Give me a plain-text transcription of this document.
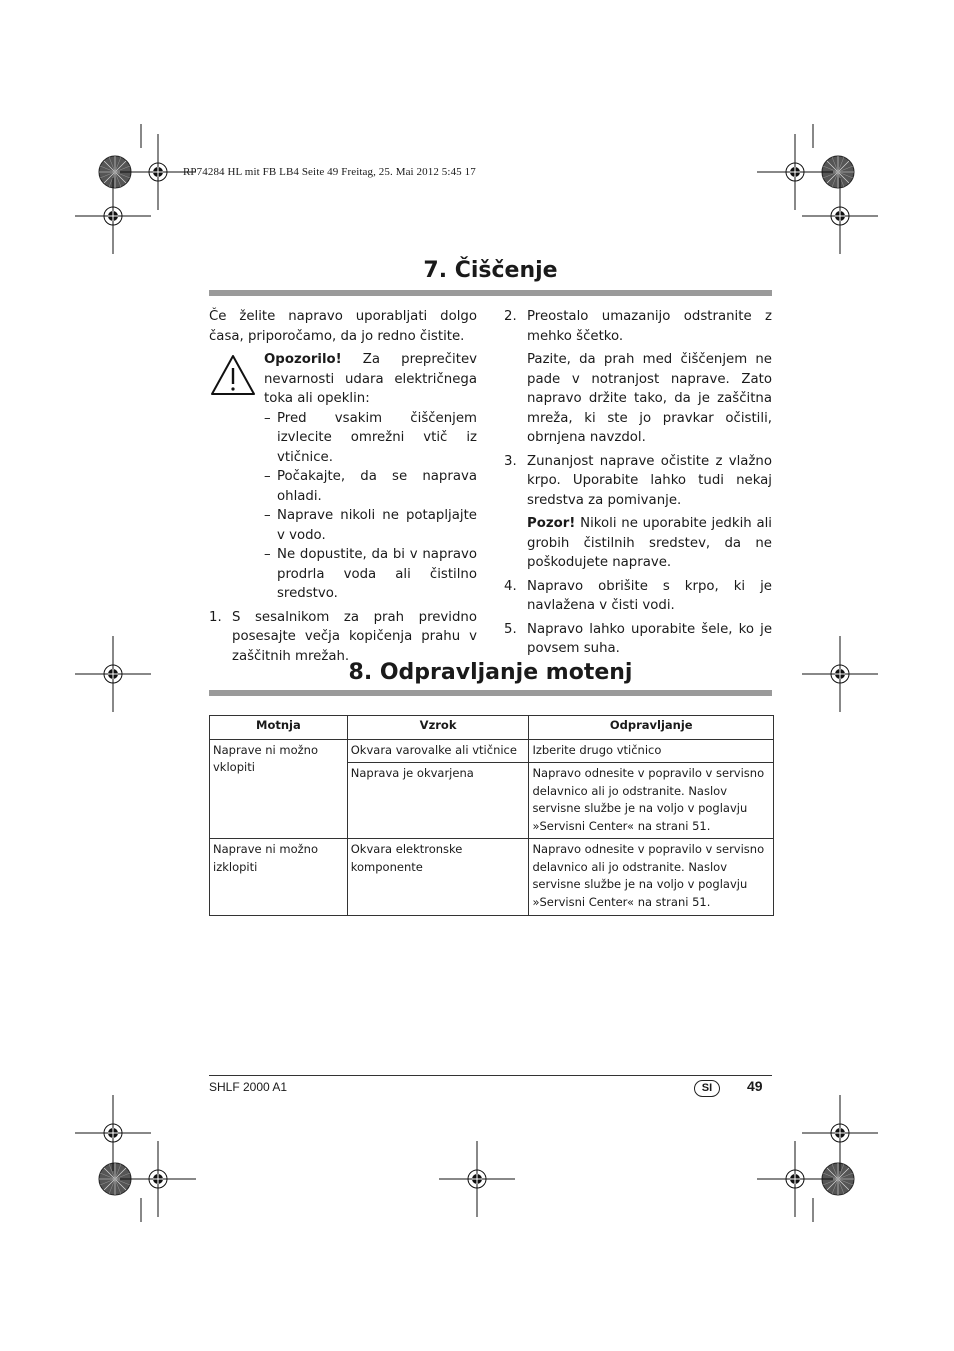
RP74284 HL mit FB LB4 Seite 49 Freitag, 25. Mai 2012 5:45 17
7. Čiščenje

Če želite napravo uporabljati dolgo časa, priporočamo, da jo redno čistite.

Opozorilo! Za preprečitev nevarnosti udara električnega toka ali opeklin:

– Pred vsakim čiščenjem izvlecite omrežni vtič iz vtičnice.

– Počakajte, da se naprava ohladi.

– Naprave nikoli ne potapljajte v vodo.

– Ne dopustite, da bi v napravo prodrla voda ali čistilno sredstvo.

1. S sesalnikom za prah previdno posesajte večja kopičenja prahu v zaščitnih mrežah.

2. Preostalo umazanijo odstranite z mehko ščetko.

Pazite, da prah med čiščenjem ne pade v notranjost naprave. Zato napravo držite tako, da je zaščitna mreža, ki ste jo pravkar očistili, obrnjena navzdol.

3. Zunanjost naprave očistite z vlažno krpo. Uporabite lahko tudi nekaj sredstva za pomivanje.

Pozor! Nikoli ne uporabite jedkih ali grobih čistilnih sredstev, da ne poškodujete naprave.

4. Napravo obrišite s krpo, ki je navlažena v čisti vodi.

5. Napravo lahko uporabite šele, ko je povsem suha.

8. Odpravljanje motenj
Motnja	Vzrok	Odpravljanje
Naprave ni možno vklopiti	Okvara varovalke ali vtičnice	Izberite drugo vtičnico
	Naprava je okvarjena	Napravo odnesite v popravilo v servisno delavnico ali jo odstranite. Naslov servisne službe je na voljo v poglavju »Servisni Center« na strani 51.
Naprave ni možno izklopiti	Okvara elektronske komponente	Napravo odnesite v popravilo v servisno delavnico ali jo odstranite. Naslov servisne službe je na voljo v poglavju »Servisni Center« na strani 51.
SHLF 2000 A1	SI	49
